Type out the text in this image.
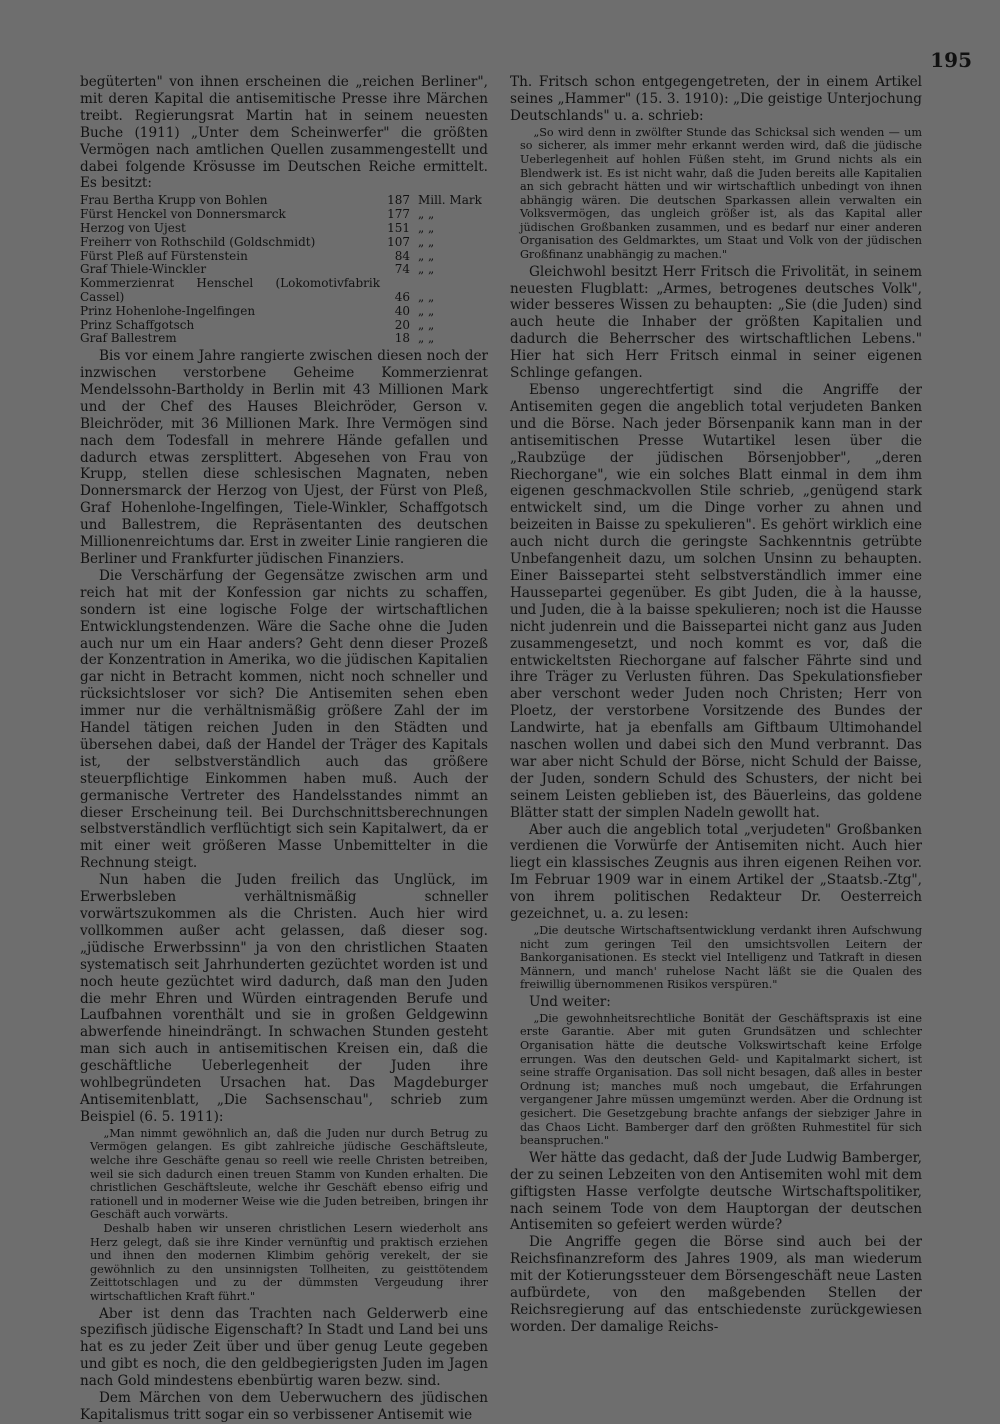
195

begüterten" von ihnen erscheinen die „reichen Berliner", mit deren Kapital die antisemitische Presse ihre Märchen treibt. Regierungsrat Martin hat in seinem neuesten Buche (1911) „Unter dem Scheinwerfer" die größten Vermögen nach amtlichen Quellen zusammengestellt und dabei folgende Krösusse im Deutschen Reiche ermittelt. Es besitzt:

Frau Bertha Krupp von Bohlen	187	Mill. Mark
Fürst Henckel von Donnersmarck	177	„ „
Herzog von Ujest	151	„ „
Freiherr von Rothschild (Goldschmidt)	107	„ „
Fürst Pleß auf Fürstenstein	84	„ „
Graf Thiele-Winckler	74	„ „
Kommerzienrat Henschel (Lokomotivfabrik Cassel)	46	„ „
Prinz Hohenlohe-Ingelfingen	40	„ „
Prinz Schaffgotsch	20	„ „
Graf Ballestrem	18	„ „

Bis vor einem Jahre rangierte zwischen diesen noch der inzwischen verstorbene Geheime Kommerzienrat Mendelssohn-Bartholdy in Berlin mit 43 Millionen Mark und der Chef des Hauses Bleichröder, Gerson v. Bleichröder, mit 36 Millionen Mark. Ihre Vermögen sind nach dem Todesfall in mehrere Hände gefallen und dadurch etwas zersplittert. Abgesehen von Frau von Krupp, stellen diese schlesischen Magnaten, neben Donnersmarck der Herzog von Ujest, der Fürst von Pleß, Graf Hohenlohe-Ingelfingen, Tiele-Winkler, Schaffgotsch und Ballestrem, die Repräsentanten des deutschen Millionenreichtums dar. Erst in zweiter Linie rangieren die Berliner und Frankfurter jüdischen Finanziers.

Die Verschärfung der Gegensätze zwischen arm und reich hat mit der Konfession gar nichts zu schaffen, sondern ist eine logische Folge der wirtschaftlichen Entwicklungstendenzen. Wäre die Sache ohne die Juden auch nur um ein Haar anders? Geht denn dieser Prozeß der Konzentration in Amerika, wo die jüdischen Kapitalien gar nicht in Betracht kommen, nicht noch schneller und rücksichtsloser vor sich? Die Antisemiten sehen eben immer nur die verhältnismäßig größere Zahl der im Handel tätigen reichen Juden in den Städten und übersehen dabei, daß der Handel der Träger des Kapitals ist, der selbstverständlich auch das größere steuerpflichtige Einkommen haben muß. Auch der germanische Vertreter des Handelsstandes nimmt an dieser Erscheinung teil. Bei Durchschnittsberechnungen selbstverständlich verflüchtigt sich sein Kapitalwert, da er mit einer weit größeren Masse Unbemittelter in die Rechnung steigt.

Nun haben die Juden freilich das Unglück, im Erwerbsleben verhältnismäßig schneller vorwärtszukommen als die Christen. Auch hier wird vollkommen außer acht gelassen, daß dieser sog. „jüdische Erwerbssinn" ja von den christlichen Staaten systematisch seit Jahrhunderten gezüchtet worden ist und noch heute gezüchtet wird dadurch, daß man den Juden die mehr Ehren und Würden eintragenden Berufe und Laufbahnen vorenthält und sie in großen Geldgewinn abwerfende hineindrängt. In schwachen Stunden gesteht man sich auch in antisemitischen Kreisen ein, daß die geschäftliche Ueberlegenheit der Juden ihre wohlbegründeten Ursachen hat. Das Magdeburger Antisemitenblatt, „Die Sachsenschau", schrieb zum Beispiel (6. 5. 1911):

„Man nimmt gewöhnlich an, daß die Juden nur durch Betrug zu Vermögen gelangen. Es gibt zahlreiche jüdische Geschäftsleute, welche ihre Geschäfte genau so reell wie reelle Christen betreiben, weil sie sich dadurch einen treuen Stamm von Kunden erhalten. Die christlichen Geschäftsleute, welche ihr Geschäft ebenso eifrig und rationell und in moderner Weise wie die Juden betreiben, bringen ihr Geschäft auch vorwärts.

Deshalb haben wir unseren christlichen Lesern wiederholt ans Herz gelegt, daß sie ihre Kinder vernünftig und praktisch erziehen und ihnen den modernen Klimbim gehörig verekelt, der sie gewöhnlich zu den unsinnigsten Tollheiten, zu geisttötendem Zeittotschlagen und zu der dümmsten Vergeudung ihrer wirtschaftlichen Kraft führt."

Aber ist denn das Trachten nach Gelderwerb eine spezifisch jüdische Eigenschaft? In Stadt und Land bei uns hat es zu jeder Zeit über und über genug Leute gegeben und gibt es noch, die den geldbegierigsten Juden im Jagen nach Gold mindestens ebenbürtig waren bezw. sind.

Dem Märchen von dem Ueberwuchern des jüdischen Kapitalismus tritt sogar ein so verbissener Antisemit wie

Th. Fritsch schon entgegengetreten, der in einem Artikel seines „Hammer" (15. 3. 1910): „Die geistige Unterjochung Deutschlands" u. a. schrieb:

„So wird denn in zwölfter Stunde das Schicksal sich wenden — um so sicherer, als immer mehr erkannt werden wird, daß die jüdische Ueberlegenheit auf hohlen Füßen steht, im Grund nichts als ein Blendwerk ist. Es ist nicht wahr, daß die Juden bereits alle Kapitalien an sich gebracht hätten und wir wirtschaftlich unbedingt von ihnen abhängig wären. Die deutschen Sparkassen allein verwalten ein Volksvermögen, das ungleich größer ist, als das Kapital aller jüdischen Großbanken zusammen, und es bedarf nur einer anderen Organisation des Geldmarktes, um Staat und Volk von der jüdischen Großfinanz unabhängig zu machen."

Gleichwohl besitzt Herr Fritsch die Frivolität, in seinem neuesten Flugblatt: „Armes, betrogenes deutsches Volk", wider besseres Wissen zu behaupten: „Sie (die Juden) sind auch heute die Inhaber der größten Kapitalien und dadurch die Beherrscher des wirtschaftlichen Lebens." Hier hat sich Herr Fritsch einmal in seiner eigenen Schlinge gefangen.

Ebenso ungerechtfertigt sind die Angriffe der Antisemiten gegen die angeblich total verjudeten Banken und die Börse. Nach jeder Börsenpanik kann man in der antisemitischen Presse Wutartikel lesen über die „Raubzüge der jüdischen Börsenjobber", „deren Riechorgane", wie ein solches Blatt einmal in dem ihm eigenen geschmackvollen Stile schrieb, „genügend stark entwickelt sind, um die Dinge vorher zu ahnen und beizeiten in Baisse zu spekulieren". Es gehört wirklich eine auch nicht durch die geringste Sachkenntnis getrübte Unbefangenheit dazu, um solchen Unsinn zu behaupten. Einer Baissepartei steht selbstverständlich immer eine Haussepartei gegenüber. Es gibt Juden, die à la hausse, und Juden, die à la baisse spekulieren; noch ist die Hausse nicht judenrein und die Baissepartei nicht ganz aus Juden zusammengesetzt, und noch kommt es vor, daß die entwickeltsten Riechorgane auf falscher Fährte sind und ihre Träger zu Verlusten führen. Das Spekulationsfieber aber verschont weder Juden noch Christen; Herr von Ploetz, der verstorbene Vorsitzende des Bundes der Landwirte, hat ja ebenfalls am Giftbaum Ultimohandel naschen wollen und dabei sich den Mund verbrannt. Das war aber nicht Schuld der Börse, nicht Schuld der Baisse, der Juden, sondern Schuld des Schusters, der nicht bei seinem Leisten geblieben ist, des Bäuerleins, das goldene Blätter statt der simplen Nadeln gewollt hat.

Aber auch die angeblich total „verjudeten" Großbanken verdienen die Vorwürfe der Antisemiten nicht. Auch hier liegt ein klassisches Zeugnis aus ihren eigenen Reihen vor. Im Februar 1909 war in einem Artikel der „Staatsb.-Ztg", von ihrem politischen Redakteur Dr. Oesterreich gezeichnet, u. a. zu lesen:

„Die deutsche Wirtschaftsentwicklung verdankt ihren Aufschwung nicht zum geringen Teil den umsichtsvollen Leitern der Bankorganisationen. Es steckt viel Intelligenz und Tatkraft in diesen Männern, und manch' ruhelose Nacht läßt sie die Qualen des freiwillig übernommenen Risikos verspüren."

Und weiter:

„Die gewohnheitsrechtliche Bonität der Geschäftspraxis ist eine erste Garantie. Aber mit guten Grundsätzen und schlechter Organisation hätte die deutsche Volkswirtschaft keine Erfolge errungen. Was den deutschen Geld- und Kapitalmarkt sichert, ist seine straffe Organisation. Das soll nicht besagen, daß alles in bester Ordnung ist; manches muß noch umgebaut, die Erfahrungen vergangener Jahre müssen umgemünzt werden. Aber die Ordnung ist gesichert. Die Gesetzgebung brachte anfangs der siebziger Jahre in das Chaos Licht. Bamberger darf den größten Ruhmestitel für sich beanspruchen."

Wer hätte das gedacht, daß der Jude Ludwig Bamberger, der zu seinen Lebzeiten von den Antisemiten wohl mit dem giftigsten Hasse verfolgte deutsche Wirtschaftspolitiker, nach seinem Tode von dem Hauptorgan der deutschen Antisemiten so gefeiert werden würde?

Die Angriffe gegen die Börse sind auch bei der Reichsfinanzreform des Jahres 1909, als man wiederum mit der Kotierungssteuer dem Börsengeschäft neue Lasten aufbürdete, von den maßgebenden Stellen der Reichsregierung auf das entschiedenste zurückgewiesen worden. Der damalige Reichs-
